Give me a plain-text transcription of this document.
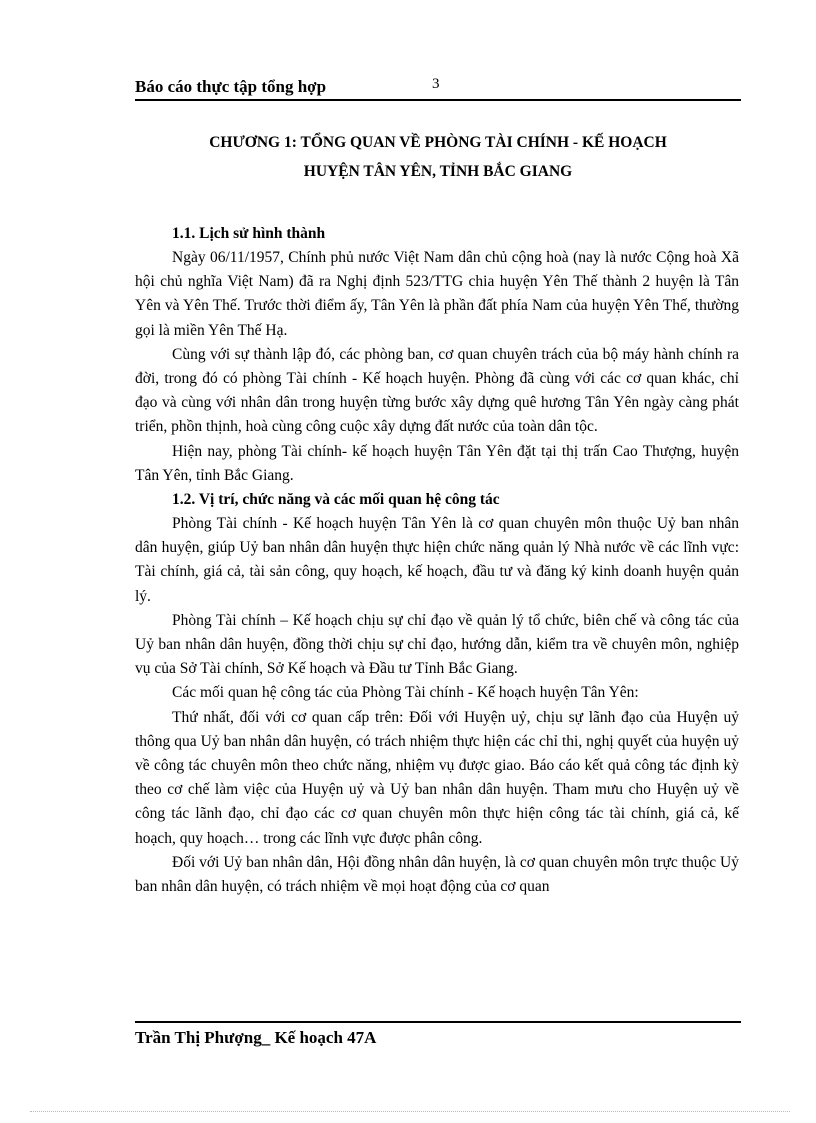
Báo cáo thực tập tổng hợp	3
CHƯƠNG 1: TỔNG QUAN VỀ PHÒNG TÀI CHÍNH - KẾ HOẠCH
HUYỆN TÂN YÊN, TỈNH BẮC GIANG

1.1. Lịch sử hình thành

Ngày 06/11/1957, Chính phủ nước Việt Nam dân chủ cộng hoà (nay là nước Cộng hoà Xã hội chủ nghĩa Việt Nam) đã ra Nghị định 523/TTG chia huyện Yên Thế thành 2 huyện là Tân Yên và Yên Thế. Trước thời điểm ấy, Tân Yên là phần đất phía Nam của huyện Yên Thế, thường gọi là miền Yên Thế Hạ.

Cùng với sự thành lập đó, các phòng ban, cơ quan chuyên trách của bộ máy hành chính ra đời, trong đó có phòng Tài chính - Kế hoạch huyện. Phòng đã cùng với các cơ quan khác, chỉ đạo và cùng với nhân dân trong huyện từng bước xây dựng quê hương Tân Yên ngày càng phát triển, phồn thịnh, hoà cùng công cuộc xây dựng đất nước của toàn dân tộc.

Hiện nay, phòng Tài chính- kế hoạch huyện Tân Yên đặt tại thị trấn Cao Thượng, huyện Tân Yên, tỉnh Bắc Giang.

1.2. Vị trí, chức năng và các mối quan hệ công tác

Phòng Tài chính - Kế hoạch huyện Tân Yên là cơ quan chuyên môn thuộc Uỷ ban nhân dân huyện, giúp Uỷ ban nhân dân huyện thực hiện chức năng quản lý Nhà nước về các lĩnh vực: Tài chính, giá cả, tài sản công, quy hoạch, kế hoạch, đầu tư và đăng ký kinh doanh huyện quản lý.

Phòng Tài chính – Kế hoạch chịu sự chỉ đạo về quản lý tổ chức, biên chế và công tác của Uỷ ban nhân dân huyện, đồng thời chịu sự chỉ đạo, hướng dẫn, kiểm tra về chuyên môn, nghiệp vụ của Sở Tài chính, Sở Kế hoạch và Đầu tư Tỉnh Bắc Giang.

Các mối quan hệ công tác của Phòng Tài chính - Kế hoạch huyện Tân Yên:

Thứ nhất, đối với cơ quan cấp trên: Đối với Huyện uỷ, chịu sự lãnh đạo của Huyện uỷ thông qua Uỷ ban nhân dân huyện, có trách nhiệm thực hiện các chỉ thi, nghị quyết của huyện uỷ về công tác chuyên môn theo chức năng, nhiệm vụ được giao. Báo cáo kết quả công tác định kỳ theo cơ chế làm việc của Huyện uỷ và Uỷ ban nhân dân huyện. Tham mưu cho Huyện uỷ về công tác lãnh đạo, chỉ đạo các cơ quan chuyên môn thực hiện công tác tài chính, giá cả, kế hoạch, quy hoạch… trong các lĩnh vực được phân công.

Đối với Uỷ ban nhân dân, Hội đồng nhân dân huyện, là cơ quan chuyên môn trực thuộc Uỷ ban nhân dân huyện, có trách nhiệm về mọi hoạt động của cơ quan

Trần Thị Phượng_ Kế hoạch 47A
